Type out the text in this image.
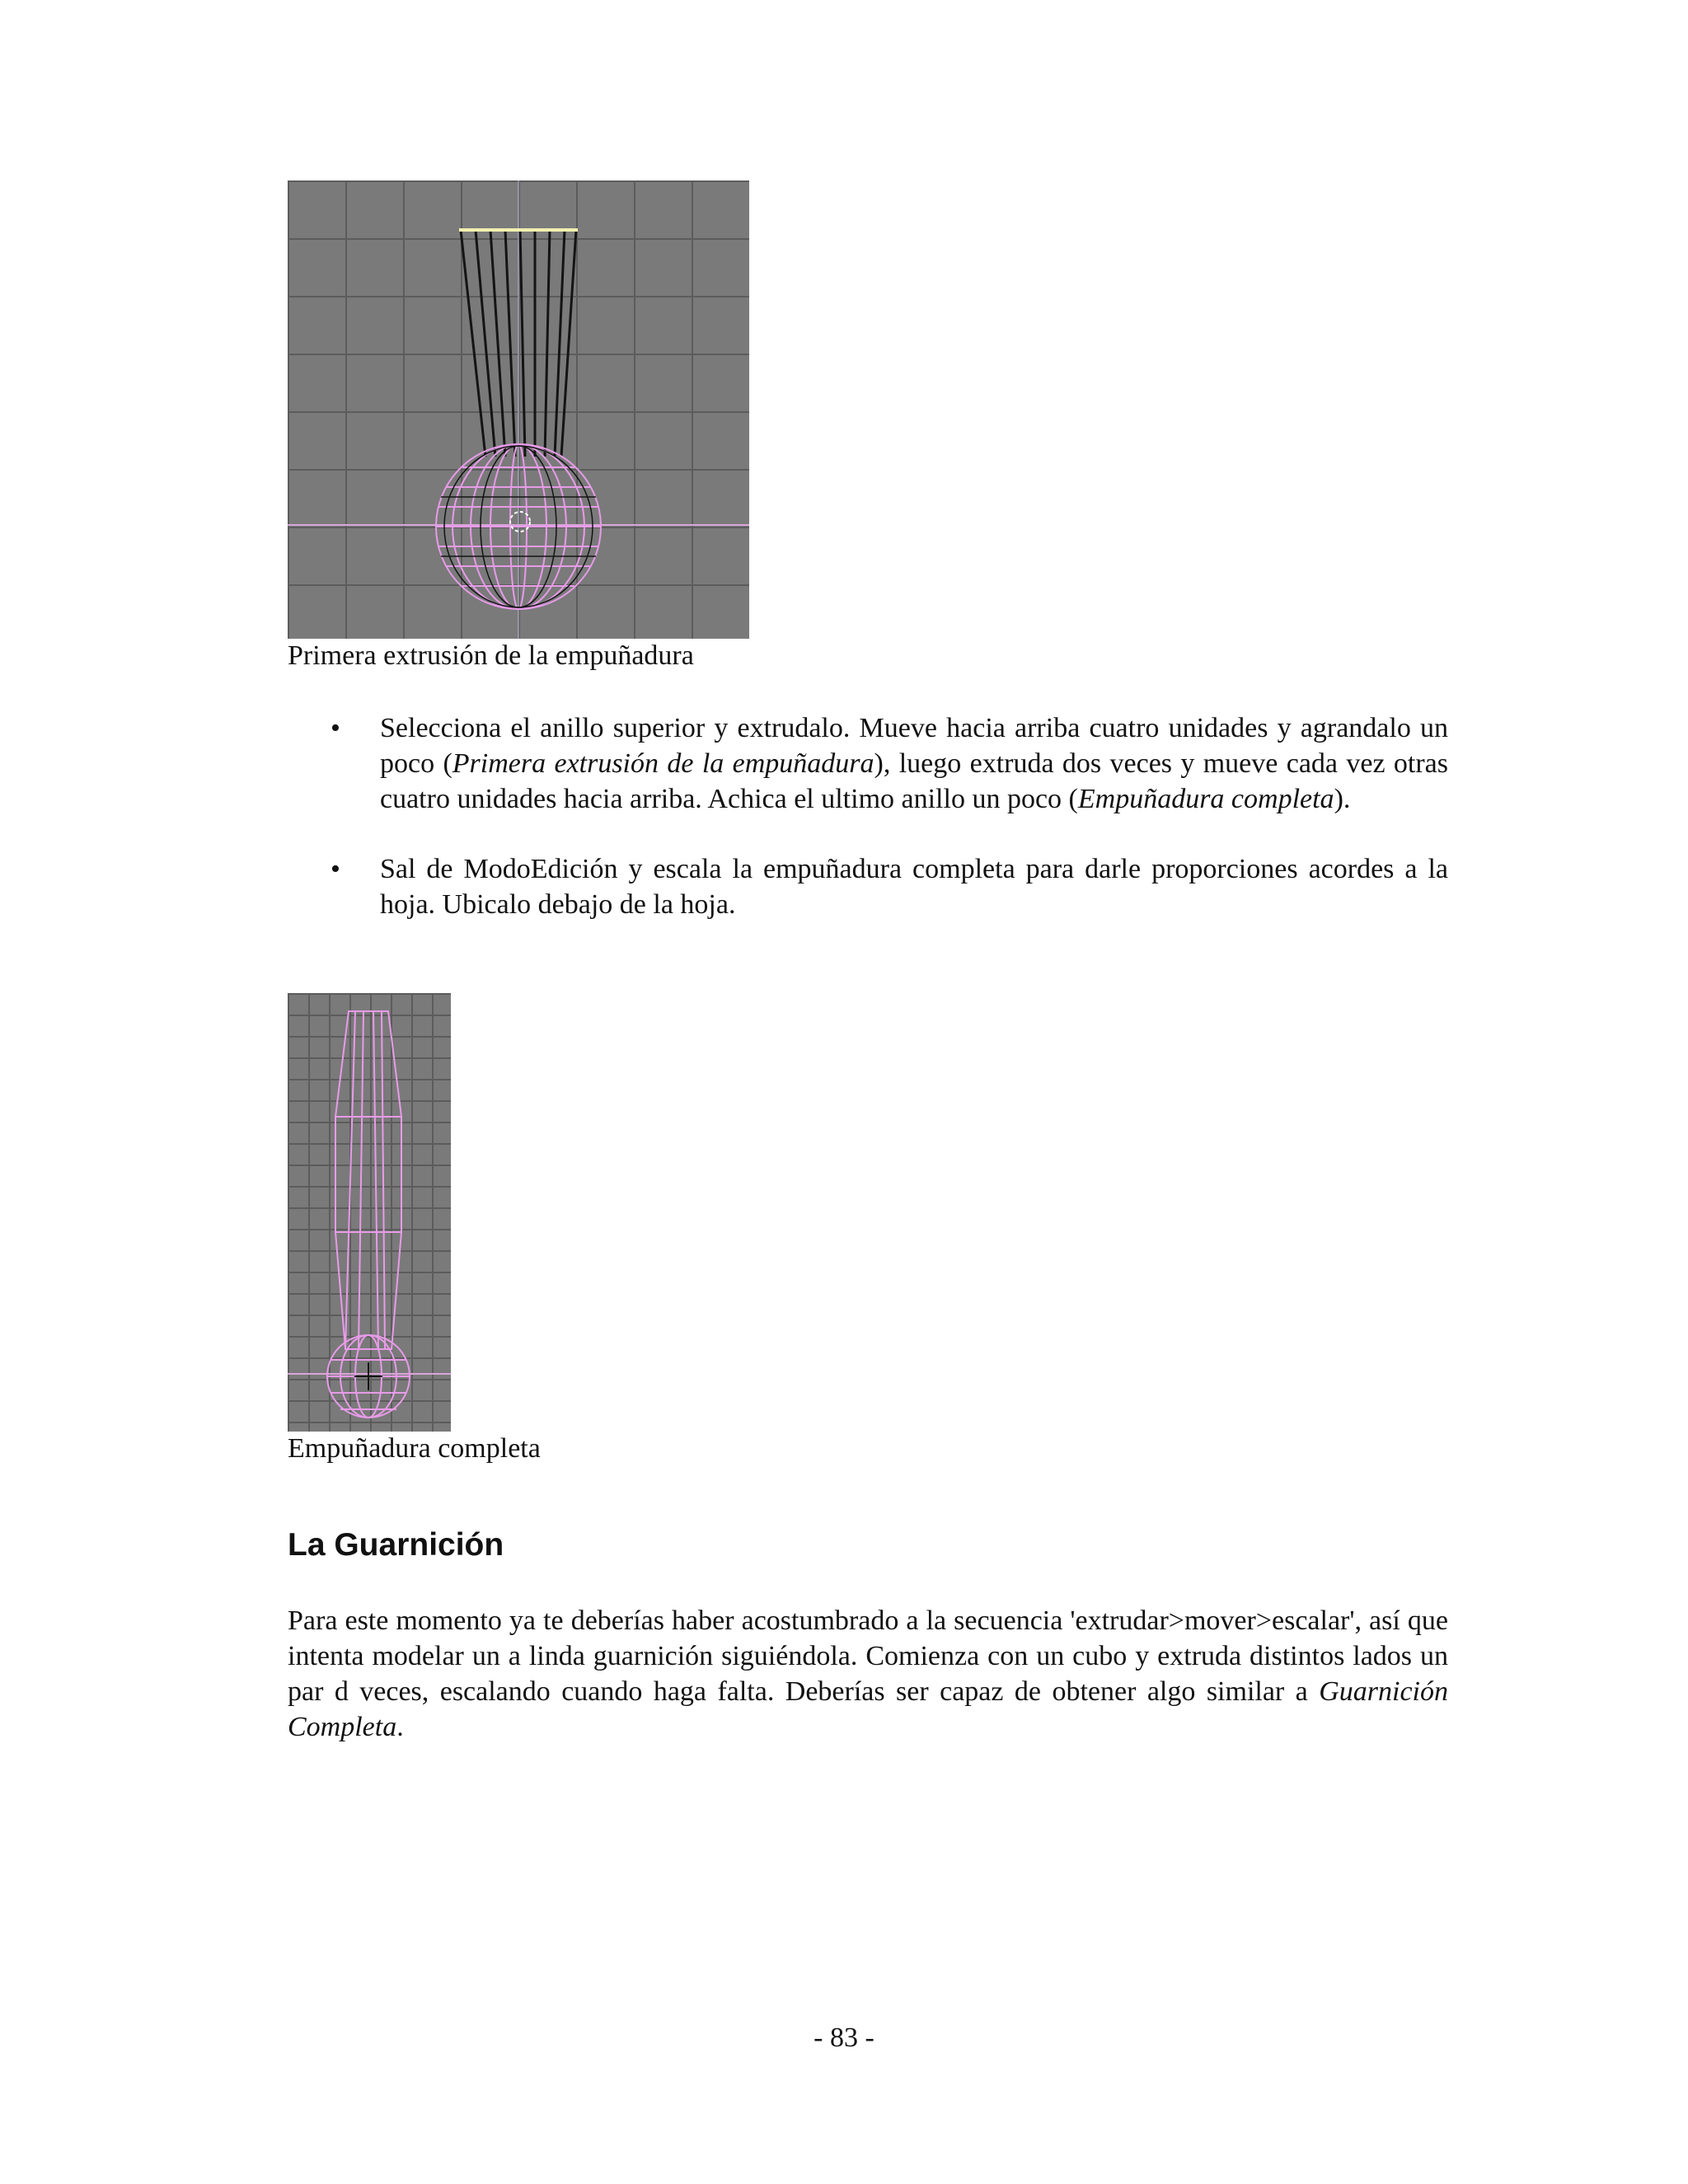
Primera extrusión de la empuñadura
• Selecciona el anillo superior y extrudalo. Mueve hacia arriba cuatro unidades y agrandalo un poco (Primera extrusión de la empuñadura), luego extruda dos veces y mueve cada vez otras cuatro unidades hacia arriba. Achica el ultimo anillo un poco (Empuñadura completa).
• Sal de ModoEdición y escala la empuñadura completa para darle proporciones acordes a la hoja. Ubicalo debajo de la hoja.
Empuñadura completa
La Guarnición

Para este momento ya te deberías haber acostumbrado a la secuencia 'extrudar>mover>escalar', así que intenta modelar un a linda guarnición siguiéndola. Comienza con un cubo y extruda distintos lados un par d veces, escalando cuando haga falta. Deberías ser capaz de obtener algo similar a Guarnición Completa.

- 83 -
